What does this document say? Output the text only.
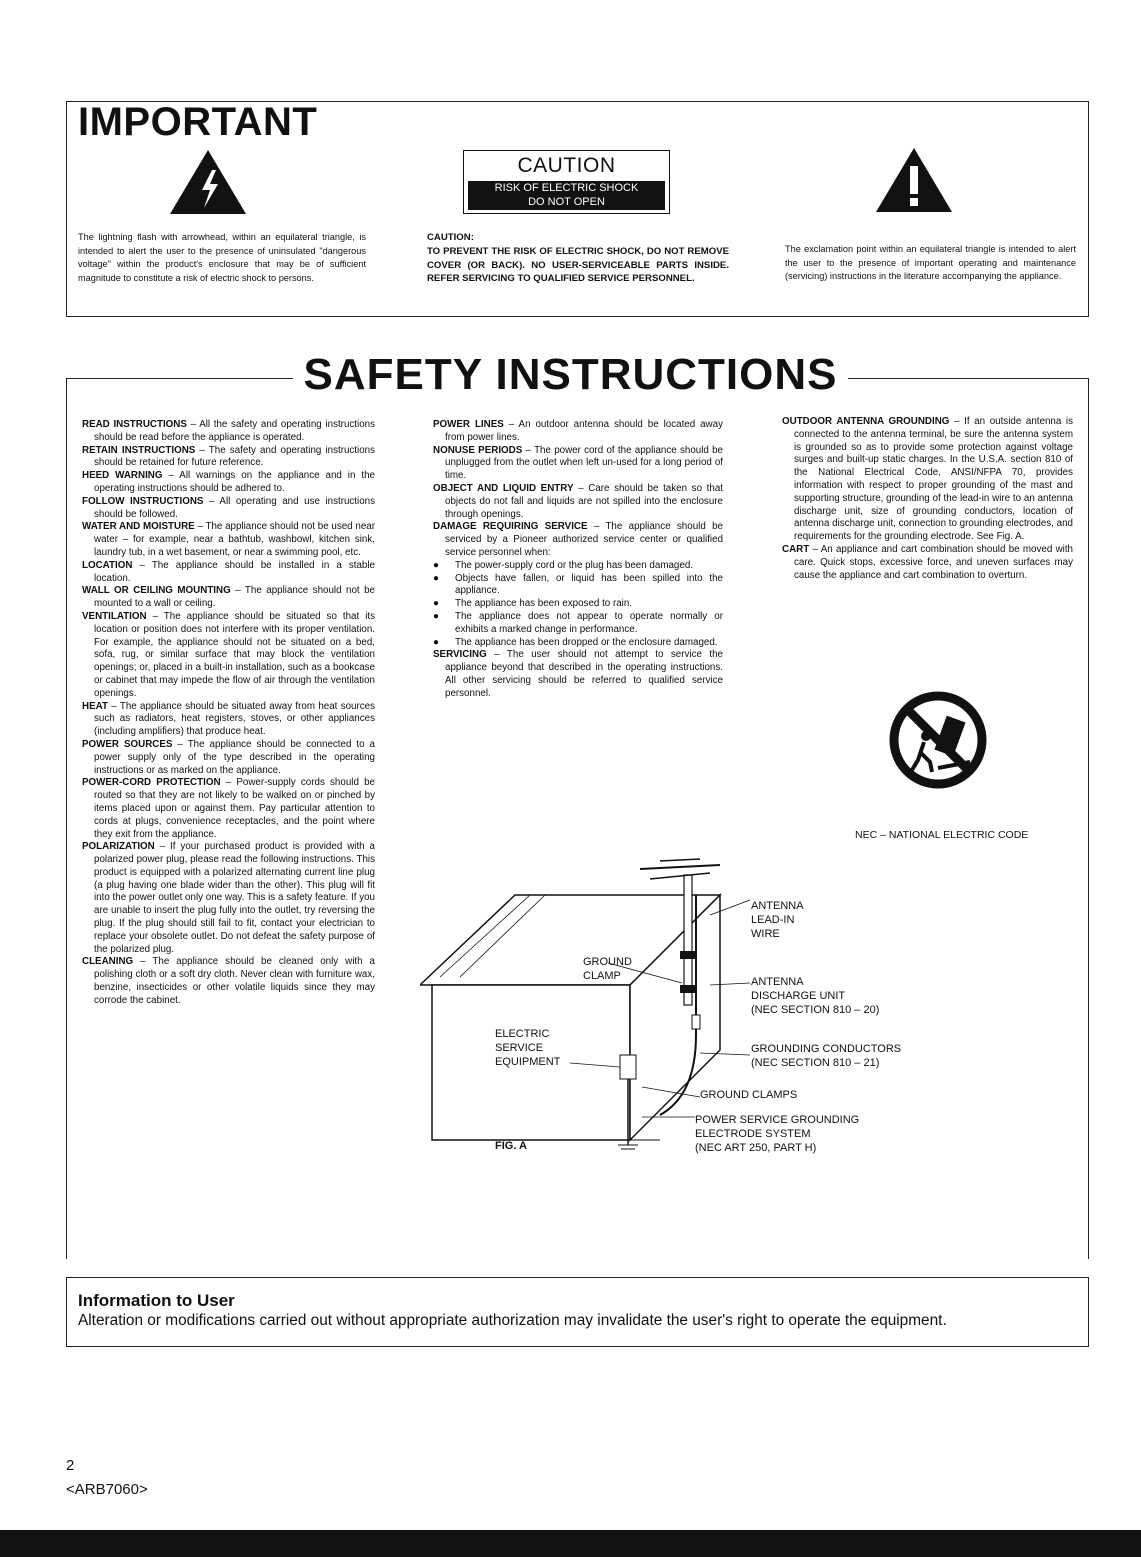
IMPORTANT
The lightning flash with arrowhead, within an equilateral triangle, is intended to alert the user to the presence of uninsulated "dangerous voltage" within the product's enclosure that may be of sufficient magnitude to constitute a risk of electric shock to persons.
CAUTION
RISK OF ELECTRIC SHOCK
DO NOT OPEN
CAUTION:
TO PREVENT THE RISK OF ELECTRIC SHOCK, DO NOT REMOVE COVER (OR BACK). NO USER-SERVICEABLE PARTS INSIDE. REFER SERVICING TO QUALIFIED SERVICE PERSONNEL.
The exclamation point within an equilateral triangle is intended to alert the user to the presence of important operating and maintenance (servicing) instructions in the literature accompanying the appliance.
SAFETY INSTRUCTIONS

READ INSTRUCTIONS – All the safety and operating instructions should be read before the appliance is operated.

RETAIN INSTRUCTIONS – The safety and operating instructions should be retained for future reference.

HEED WARNING – All warnings on the appliance and in the operating instructions should be adhered to.

FOLLOW INSTRUCTIONS – All operating and use instructions should be followed.

WATER AND MOISTURE – The appliance should not be used near water – for example, near a bathtub, washbowl, kitchen sink, laundry tub, in a wet basement, or near a swimming pool, etc.

LOCATION – The appliance should be installed in a stable location.

WALL OR CEILING MOUNTING – The appliance should not be mounted to a wall or ceiling.

VENTILATION – The appliance should be situated so that its location or position does not interfere with its proper ventilation. For example, the appliance should not be situated on a bed, sofa, rug, or similar surface that may block the ventilation openings; or, placed in a built-in installation, such as a bookcase or cabinet that may impede the flow of air through the ventilation openings.

HEAT – The appliance should be situated away from heat sources such as radiators, heat registers, stoves, or other appliances (including amplifiers) that produce heat.

POWER SOURCES – The appliance should be connected to a power supply only of the type described in the operating instructions or as marked on the appliance.

POWER-CORD PROTECTION – Power-supply cords should be routed so that they are not likely to be walked on or pinched by items placed upon or against them. Pay particular attention to cords at plugs, convenience receptacles, and the point where they exit from the appliance.

POLARIZATION – If your purchased product is provided with a polarized power plug, please read the following instructions. This product is equipped with a polarized alternating current line plug (a plug having one blade wider than the other). This plug will fit into the power outlet only one way. This is a safety feature. If you are unable to insert the plug fully into the outlet, try reversing the plug. If the plug should still fail to fit, contact your electrician to replace your obsolete outlet. Do not defeat the safety purpose of the polarized plug.

CLEANING – The appliance should be cleaned only with a polishing cloth or a soft dry cloth. Never clean with furniture wax, benzine, insecticides or other volatile liquids since they may corrode the cabinet.

POWER LINES – An outdoor antenna should be located away from power lines.

NONUSE PERIODS – The power cord of the appliance should be unplugged from the outlet when left un-used for a long period of time.

OBJECT AND LIQUID ENTRY – Care should be taken so that objects do not fall and liquids are not spilled into the enclosure through openings.

DAMAGE REQUIRING SERVICE – The appliance should be serviced by a Pioneer authorized service center or qualified service personnel when:

● The power-supply cord or the plug has been damaged.

● Objects have fallen, or liquid has been spilled into the appliance.

● The appliance has been exposed to rain.

● The appliance does not appear to operate normally or exhibits a marked change in performance.

● The appliance has been dropped or the enclosure damaged.

SERVICING – The user should not attempt to service the appliance beyond that described in the operating instructions. All other servicing should be referred to qualified service personnel.

OUTDOOR ANTENNA GROUNDING – If an outside antenna is connected to the antenna terminal, be sure the antenna system is grounded so as to provide some protection against voltage surges and built-up static charges. In the U.S.A. section 810 of the National Electrical Code, ANSI/NFPA 70, provides information with respect to proper grounding of the mast and supporting structure, grounding of the lead-in wire to an antenna discharge unit, size of grounding conductors, location of antenna discharge unit, connection to grounding electrodes, and requirements for the grounding electrode. See Fig. A.

CART – An appliance and cart combination should be moved with care. Quick stops, excessive force, and uneven surfaces may cause the appliance and cart combination to overturn.

NEC – NATIONAL ELECTRIC CODE
ANTENNA
LEAD-IN
WIRE
GROUND
CLAMP	ANTENNA
DISCHARGE UNIT
(NEC SECTION 810 – 20)
ELECTRIC
SERVICE
EQUIPMENT
GROUNDING CONDUCTORS
(NEC SECTION 810 – 21)
GROUND CLAMPS
POWER SERVICE GROUNDING
ELECTRODE SYSTEM
(NEC ART 250, PART H)
FIG. A
Information to User
Alteration or modifications carried out without appropriate authorization may invalidate the user's right to operate the equipment.
2
<ARB7060>
